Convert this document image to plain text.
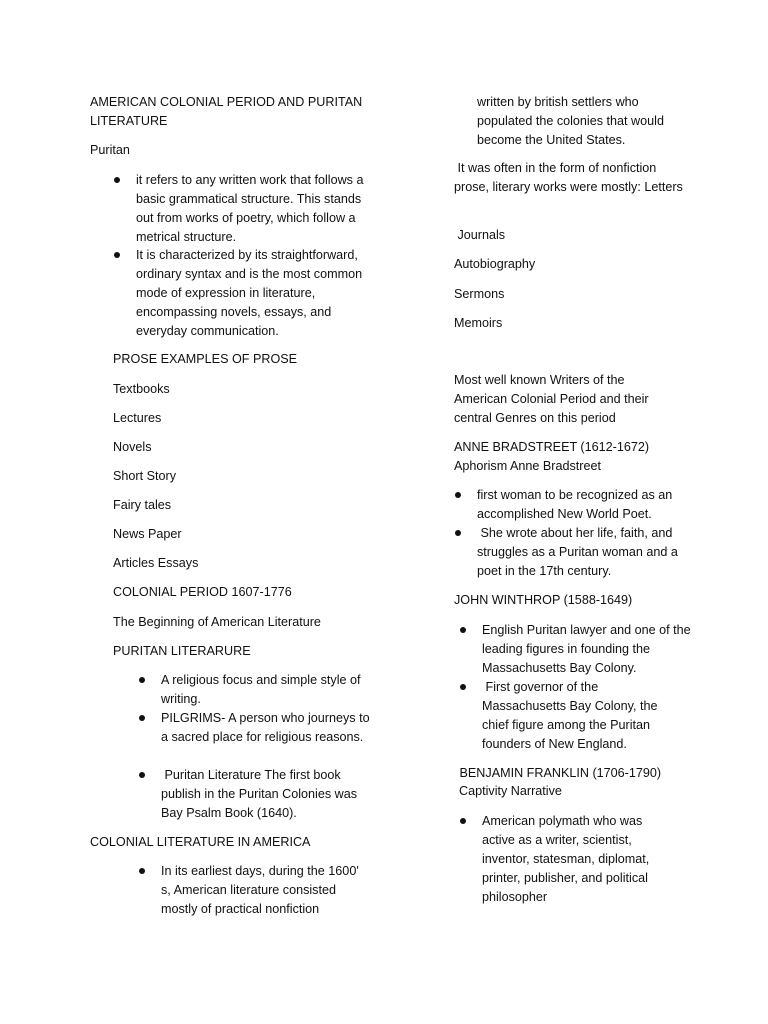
AMERICAN COLONIAL PERIOD AND PURITAN LITERATURE

Puritan

it refers to any written work that follows a basic grammatical structure. This stands out from works of poetry, which follow a metrical structure.

It is characterized by its straightforward, ordinary syntax and is the most common mode of expression in literature, encompassing novels, essays, and everyday communication.

PROSE EXAMPLES OF PROSE

Textbooks

Lectures

Novels

Short Story

Fairy tales

News Paper

Articles Essays

COLONIAL PERIOD 1607-1776

The Beginning of American Literature

PURITAN LITERARURE

A religious focus and simple style of writing.

PILGRIMS- A person who journeys to a sacred place for religious reasons.

Puritan Literature The first book publish in the Puritan Colonies was Bay Psalm Book (1640).

COLONIAL LITERATURE IN AMERICA

In its earliest days, during the 1600' s, American literature consisted mostly of practical nonfiction

written by british settlers who populated the colonies that would become the United States.

It was often in the form of nonfiction prose, literary works were mostly: Letters

Journals

Autobiography

Sermons

Memoirs

Most well known Writers of the American Colonial Period and their central Genres on this period

ANNE BRADSTREET (1612-1672)

Aphorism Anne Bradstreet

first woman to be recognized as an accomplished New World Poet.

She wrote about her life, faith, and struggles as a Puritan woman and a poet in the 17th century.

JOHN WINTHROP (1588-1649)

English Puritan lawyer and one of the leading figures in founding the Massachusetts Bay Colony.

First governor of the Massachusetts Bay Colony, the chief figure among the Puritan founders of New England.

BENJAMIN FRANKLIN (1706-1790)

Captivity Narrative

American polymath who was active as a writer, scientist, inventor, statesman, diplomat, printer, publisher, and political philosopher
